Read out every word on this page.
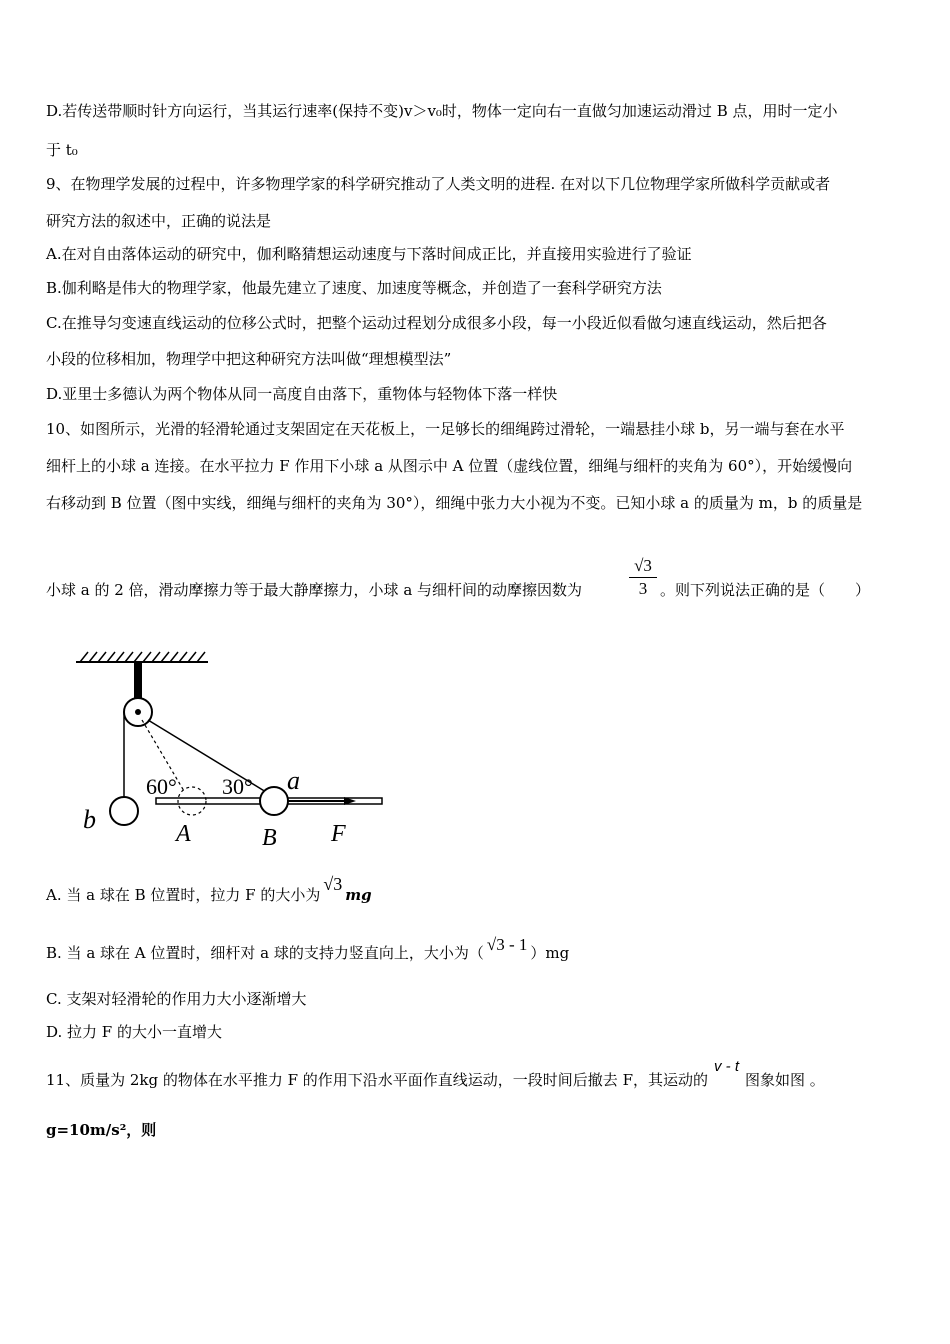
D.若传送带顺时针方向运行，当其运行速率(保持不变)v＞v₀时，物体一定向右一直做匀加速运动滑过 B 点，用时一定小
于 t₀
9、在物理学发展的过程中，许多物理学家的科学研究推动了人类文明的进程. 在对以下几位物理学家所做科学贡献或者
研究方法的叙述中，正确的说法是
A.在对自由落体运动的研究中，伽利略猜想运动速度与下落时间成正比，并直接用实验进行了验证
B.伽利略是伟大的物理学家，他最先建立了速度、加速度等概念，并创造了一套科学研究方法
C.在推导匀变速直线运动的位移公式时，把整个运动过程划分成很多小段，每一小段近似看做匀速直线运动，然后把各
小段的位移相加，物理学中把这种研究方法叫做“理想模型法”
D.亚里士多德认为两个物体从同一高度自由落下，重物体与轻物体下落一样快
10、如图所示，光滑的轻滑轮通过支架固定在天花板上，一足够长的细绳跨过滑轮，一端悬挂小球 b，另一端与套在水平
细杆上的小球 a 连接。在水平拉力 F 作用下小球 a 从图示中 A 位置（虚线位置，细绳与细杆的夹角为 60°），开始缓慢向
右移动到 B 位置（图中实线，细绳与细杆的夹角为 30°），细绳中张力大小视为不变。已知小球 a 的质量为 m，b 的质量是
小球 a 的 2 倍，滑动摩擦力等于最大静摩擦力，小球 a 与细杆间的动摩擦因数为	$\frac{√3}{3}$ 。则下列说法正确的是（　　）
60° 30° a
b	A	B F
A. 当 a 球在 B 位置时，拉力 F 的大小为√3mg
B. 当 a 球在 A 位置时，细杆对 a 球的支持力竖直向上，大小为（ √3 - 1 ）mg
C. 支架对轻滑轮的作用力大小逐渐增大
D. 拉力 F 的大小一直增大
11、质量为 2kg 的物体在水平推力 F 的作用下沿水平面作直线运动，一段时间后撤去 F，其运动的v - t图象如图 。
g=10m/s²，则
